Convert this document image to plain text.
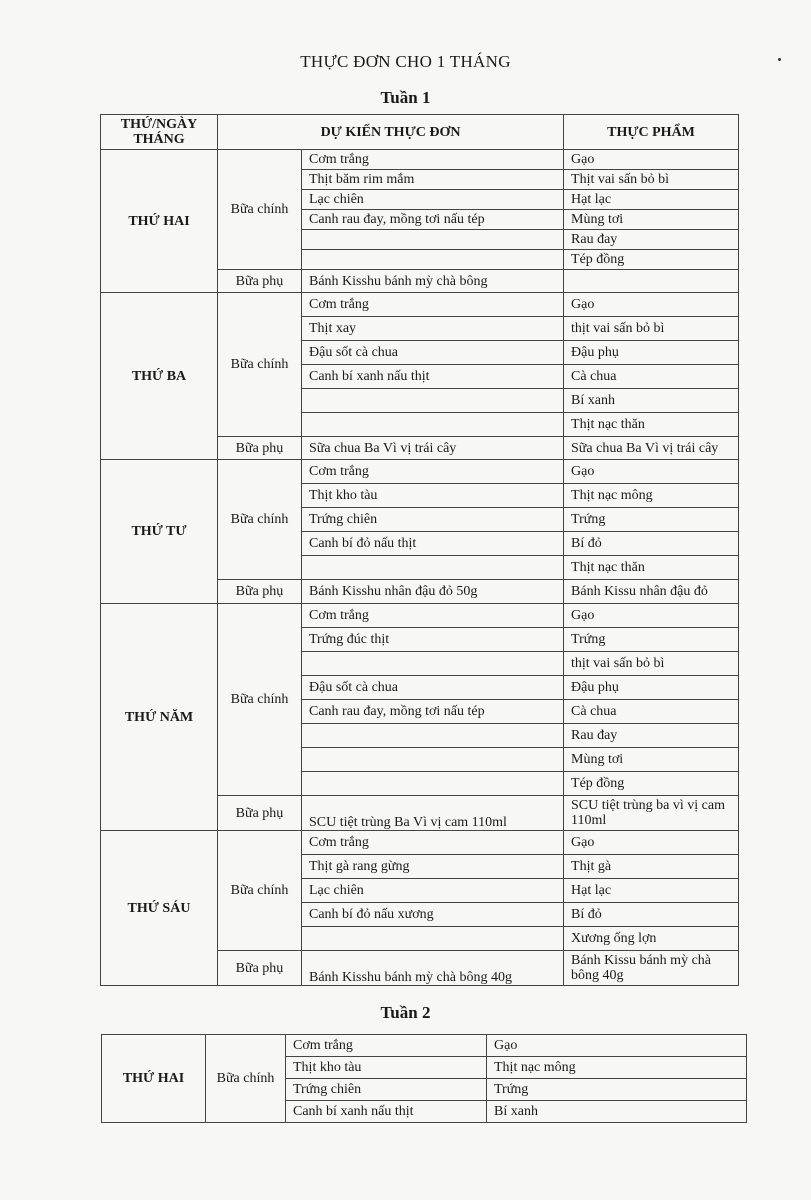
THỰC ĐƠN CHO 1 THÁNG
Tuần 1
THỨ/NGÀY THÁNG	DỰ KIẾN THỰC ĐƠN		THỰC PHẨM
THỨ HAI	Bữa chính	Cơm trắng	Gạo
		Thịt băm rim mắm	Thịt vai sấn bỏ bì
		Lạc chiên	Hạt lạc
		Canh rau đay, mồng tơi nấu tép	Mùng tơi
			Rau đay
			Tép đồng
	Bữa phụ	Bánh Kisshu bánh mỳ chà bông	
THỨ BA	Bữa chính	Cơm trắng	Gạo
		Thịt xay	thịt vai sấn bỏ bì
		Đậu sốt cà chua	Đậu phụ
		Canh bí xanh nấu thịt	Cà chua
			Bí xanh
			Thịt nạc thăn
	Bữa phụ	Sữa chua Ba Vì vị trái cây	Sữa chua Ba Vì vị trái cây
THỨ TƯ	Bữa chính	Cơm trắng	Gạo
		Thịt kho tàu	Thịt nạc mông
		Trứng chiên	Trứng
		Canh bí đỏ nấu thịt	Bí đỏ
			Thịt nạc thăn
	Bữa phụ	Bánh Kisshu nhân đậu đỏ 50g	Bánh Kissu nhân đậu đỏ
THỨ NĂM	Bữa chính	Cơm trắng	Gạo
		Trứng đúc thịt	Trứng
			thịt vai sấn bỏ bì
		Đậu sốt cà chua	Đậu phụ
		Canh rau đay, mồng tơi nấu tép	Cà chua
			Rau đay
			Mùng tơi
			Tép đồng
	Bữa phụ	SCU tiệt trùng Ba Vì vị cam 110ml	SCU tiệt trùng ba vì vị cam 110ml
THỨ SÁU	Bữa chính	Cơm trắng	Gạo
		Thịt gà rang gừng	Thịt gà
		Lạc chiên	Hạt lạc
		Canh bí đỏ nấu xương	Bí đỏ
			Xương ống lợn
	Bữa phụ	Bánh Kisshu bánh mỳ chà bông 40g	Bánh Kissu bánh mỳ chà bông 40g
Tuần 2
THỨ HAI	Bữa chính	Cơm trắng	Gạo
		Thịt kho tàu	Thịt nạc mông
		Trứng chiên	Trứng
		Canh bí xanh nấu thịt	Bí xanh
